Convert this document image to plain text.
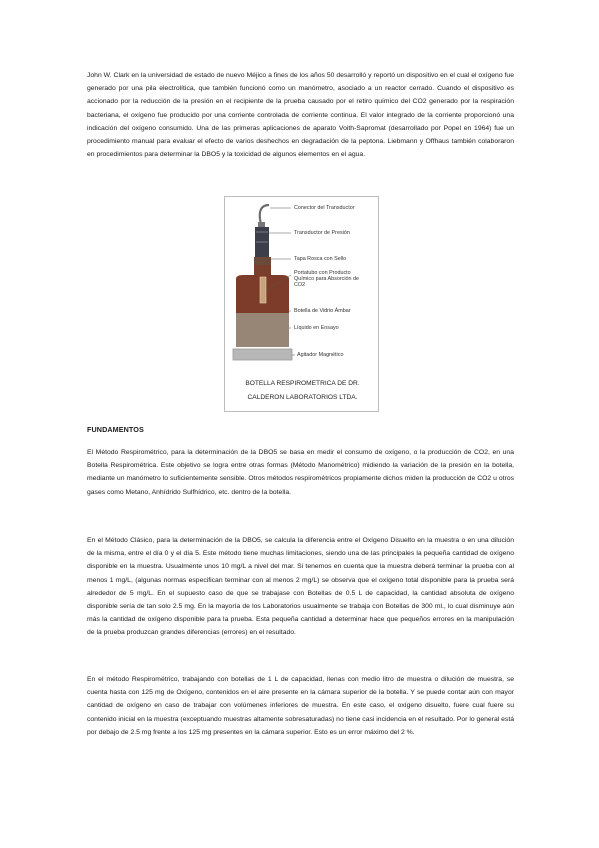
John W. Clark en la universidad de estado de nuevo Méjico a fines de los años 50 desarrolló y reportó un dispositivo en el cual el oxígeno fue generado por una pila electrolítica, que también funcionó como un manómetro, asociado a un reactor cerrado. Cuando el dispositivo es accionado por la reducción de la presión en el recipiente de la prueba causado por el retiro químico del CO2 generado por la respiración bacteriana, el oxígeno fue producido por una corriente controlada de corriente continua. El valor integrado de la corriente proporcionó una indicación del oxígeno consumido. Una de las primeras aplicaciones de aparato Voith-Sapromat (desarrollado por Popel en 1964) fue un procedimiento manual para evaluar el efecto de varios deshechos en degradación de la peptona. Liebmann y Offhaus también colaboraron en procedimientos para determinar la DBO5 y la toxicidad de algunos elementos en el agua.

Conector del Transductor
Transductor de Presión
Tapa Rosca con Sello
Portatubo con Producto Químico para Absorción de CO2
Botella de Vidrio Ámbar
Líquido en Ensayo
Agitador Magnético
BOTELLA RESPIROMETRICA DE DR.
CALDERON LABORATORIOS LTDA.

FUNDAMENTOS

El Método Respirométrico, para la determinación de la DBO5 se basa en medir el consumo de oxígeno, o la producción de CO2, en una Botella Respirométrica. Este objetivo se logra entre otras formas (Método Manométrico) midiendo la variación de la presión en la botella, mediante un manómetro lo suficientemente sensible. Otros métodos respirométricos propiamente dichos miden la producción de CO2 u otros gases como Metano, Anhídrido Sulfhídrico, etc. dentro de la botella.

En el Método Clásico, para la determinación de la DBO5, se calcula la diferencia entre el Oxígeno Disuelto en la muestra o en una dilución de la misma, entre el día 0 y el día 5. Este método tiene muchas limitaciones, siendo una de las principales la pequeña cantidad de oxígeno disponible en la muestra. Usualmente unos 10 mg/L a nivel del mar. Si tenemos en cuenta que la muestra deberá terminar la prueba con al menos 1 mg/L, (algunas normas especifican terminar con al menos 2 mg/L) se observa que el oxígeno total disponible para la prueba será alrededor de 5 mg/L. En el supuesto caso de que se trabajase con Botellas de 0.5 L de capacidad, la cantidad absoluta de oxígeno disponible sería de tan solo 2.5 mg. En la mayoría de los Laboratorios usualmente se trabaja con Botellas de 300 ml., lo cual disminuye aún más la cantidad de oxígeno disponible para la prueba. Esta pequeña cantidad a determinar hace que pequeños errores en la manipulación de la prueba produzcan grandes diferencias (errores) en el resultado.

En el método Respirométrico, trabajando con botellas de 1 L de capacidad, llenas con medio litro de muestra o dilución de muestra, se cuenta hasta con 125 mg de Oxígeno, contenidos en el aire presente en la cámara superior de la botella. Y se puede contar aún con mayor cantidad de oxígeno en caso de trabajar con volúmenes inferiores de muestra. En este caso, el oxígeno disuelto, fuere cual fuere su contenido inicial en la muestra (exceptuando muestras altamente sobresaturadas) no tiene casi incidencia en el resultado. Por lo general está por debajo de 2.5 mg frente a los 125 mg presentes en la cámara superior. Esto es un error máximo del 2 %.
